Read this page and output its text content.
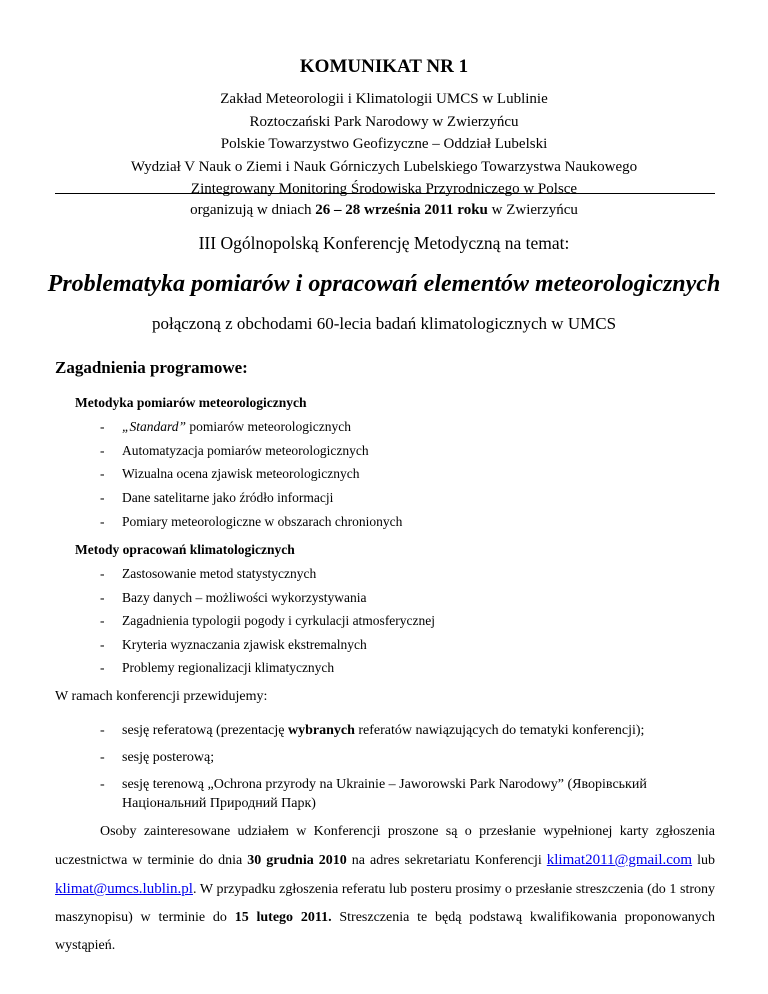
KOMUNIKAT NR 1
Zakład Meteorologii i Klimatologii UMCS w Lublinie
Roztoczański Park Narodowy w Zwierzyńcu
Polskie Towarzystwo Geofizyczne – Oddział Lubelski
Wydział V Nauk o Ziemi i Nauk Górniczych Lubelskiego Towarzystwa Naukowego
Zintegrowany Monitoring Środowiska Przyrodniczego w Polsce
organizują w dniach 26 – 28 września 2011 roku w Zwierzyńcu
III Ogólnopolską Konferencję Metodyczną na temat:
Problematyka pomiarów i opracowań elementów meteorologicznych
połączoną z obchodami 60-lecia badań klimatologicznych w UMCS
Zagadnienia programowe:
Metodyka pomiarów meteorologicznych
- „Standard” pomiarów meteorologicznych
- Automatyzacja pomiarów meteorologicznych
- Wizualna ocena zjawisk meteorologicznych
- Dane satelitarne jako źródło informacji
- Pomiary meteorologiczne w obszarach chronionych
Metody opracowań klimatologicznych
- Zastosowanie metod statystycznych
- Bazy danych – możliwości wykorzystywania
- Zagadnienia typologii pogody i cyrkulacji atmosferycznej
- Kryteria wyznaczania zjawisk ekstremalnych
- Problemy regionalizacji klimatycznych
W ramach konferencji przewidujemy:
- sesję referatową (prezentację wybranych referatów nawiązujących do tematyki konferencji);
- sesję posterową;
- sesję terenową „Ochrona przyrody na Ukrainie – Jaworowski Park Narodowy” (Яворівський Національний Природний Парк)
Osoby zainteresowane udziałem w Konferencji proszone są o przesłanie wypełnionej karty zgłoszenia uczestnictwa w terminie do dnia 30 grudnia 2010 na adres sekretariatu Konferencji klimat2011@gmail.com lub klimat@umcs.lublin.pl. W przypadku zgłoszenia referatu lub posteru prosimy o przesłanie streszczenia (do 1 strony maszynopisu) w terminie do 15 lutego 2011. Streszczenia te będą podstawą kwalifikowania proponowanych wystąpień.
